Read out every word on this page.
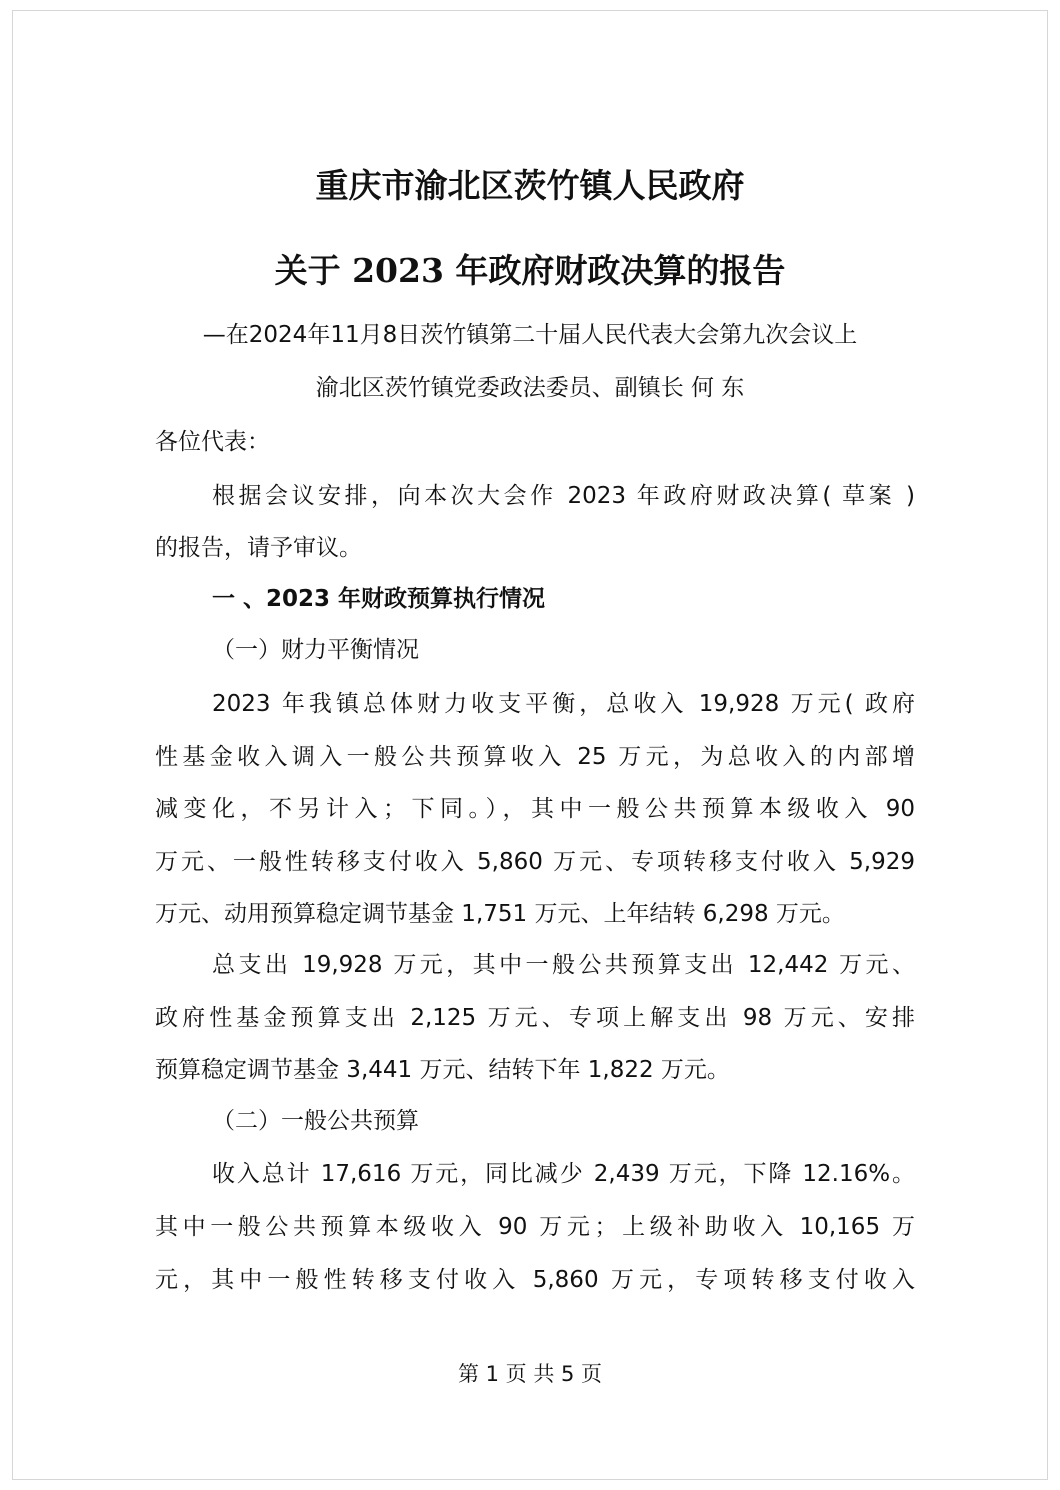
重庆市渝北区茨竹镇人民政府
关于 2023 年政府财政决算的报告
—在2024年11月8日茨竹镇第二十届人民代表大会第九次会议上
渝北区茨竹镇党委政法委员、副镇长 何 东
各位代表：
根据会议安排，向本次大会作 2023 年政府财政决算( 草案 )
的报告，请予审议。
一 、2023 年财政预算执行情况
（一）财力平衡情况
2023 年我镇总体财力收支平衡，总收入 19,928 万元( 政府
性基金收入调入一般公共预算收入 25 万元，为总收入的内部增
减变化，不另计入；下同。），其中一般公共预算本级收入 90
万元、一般性转移支付收入 5,860 万元、专项转移支付收入 5,929
万元、动用预算稳定调节基金 1,751 万元、上年结转 6,298 万元。
总支出 19,928 万元，其中一般公共预算支出 12,442 万元、
政府性基金预算支出 2,125 万元、专项上解支出 98 万元、安排
预算稳定调节基金 3,441 万元、结转下年 1,822 万元。
（二）一般公共预算
收入总计 17,616 万元，同比减少 2,439 万元，下降 12.16%。
其中一般公共预算本级收入 90 万元；上级补助收入 10,165 万
元，其中一般性转移支付收入 5,860 万元，专项转移支付收入
第 1 页 共 5 页
